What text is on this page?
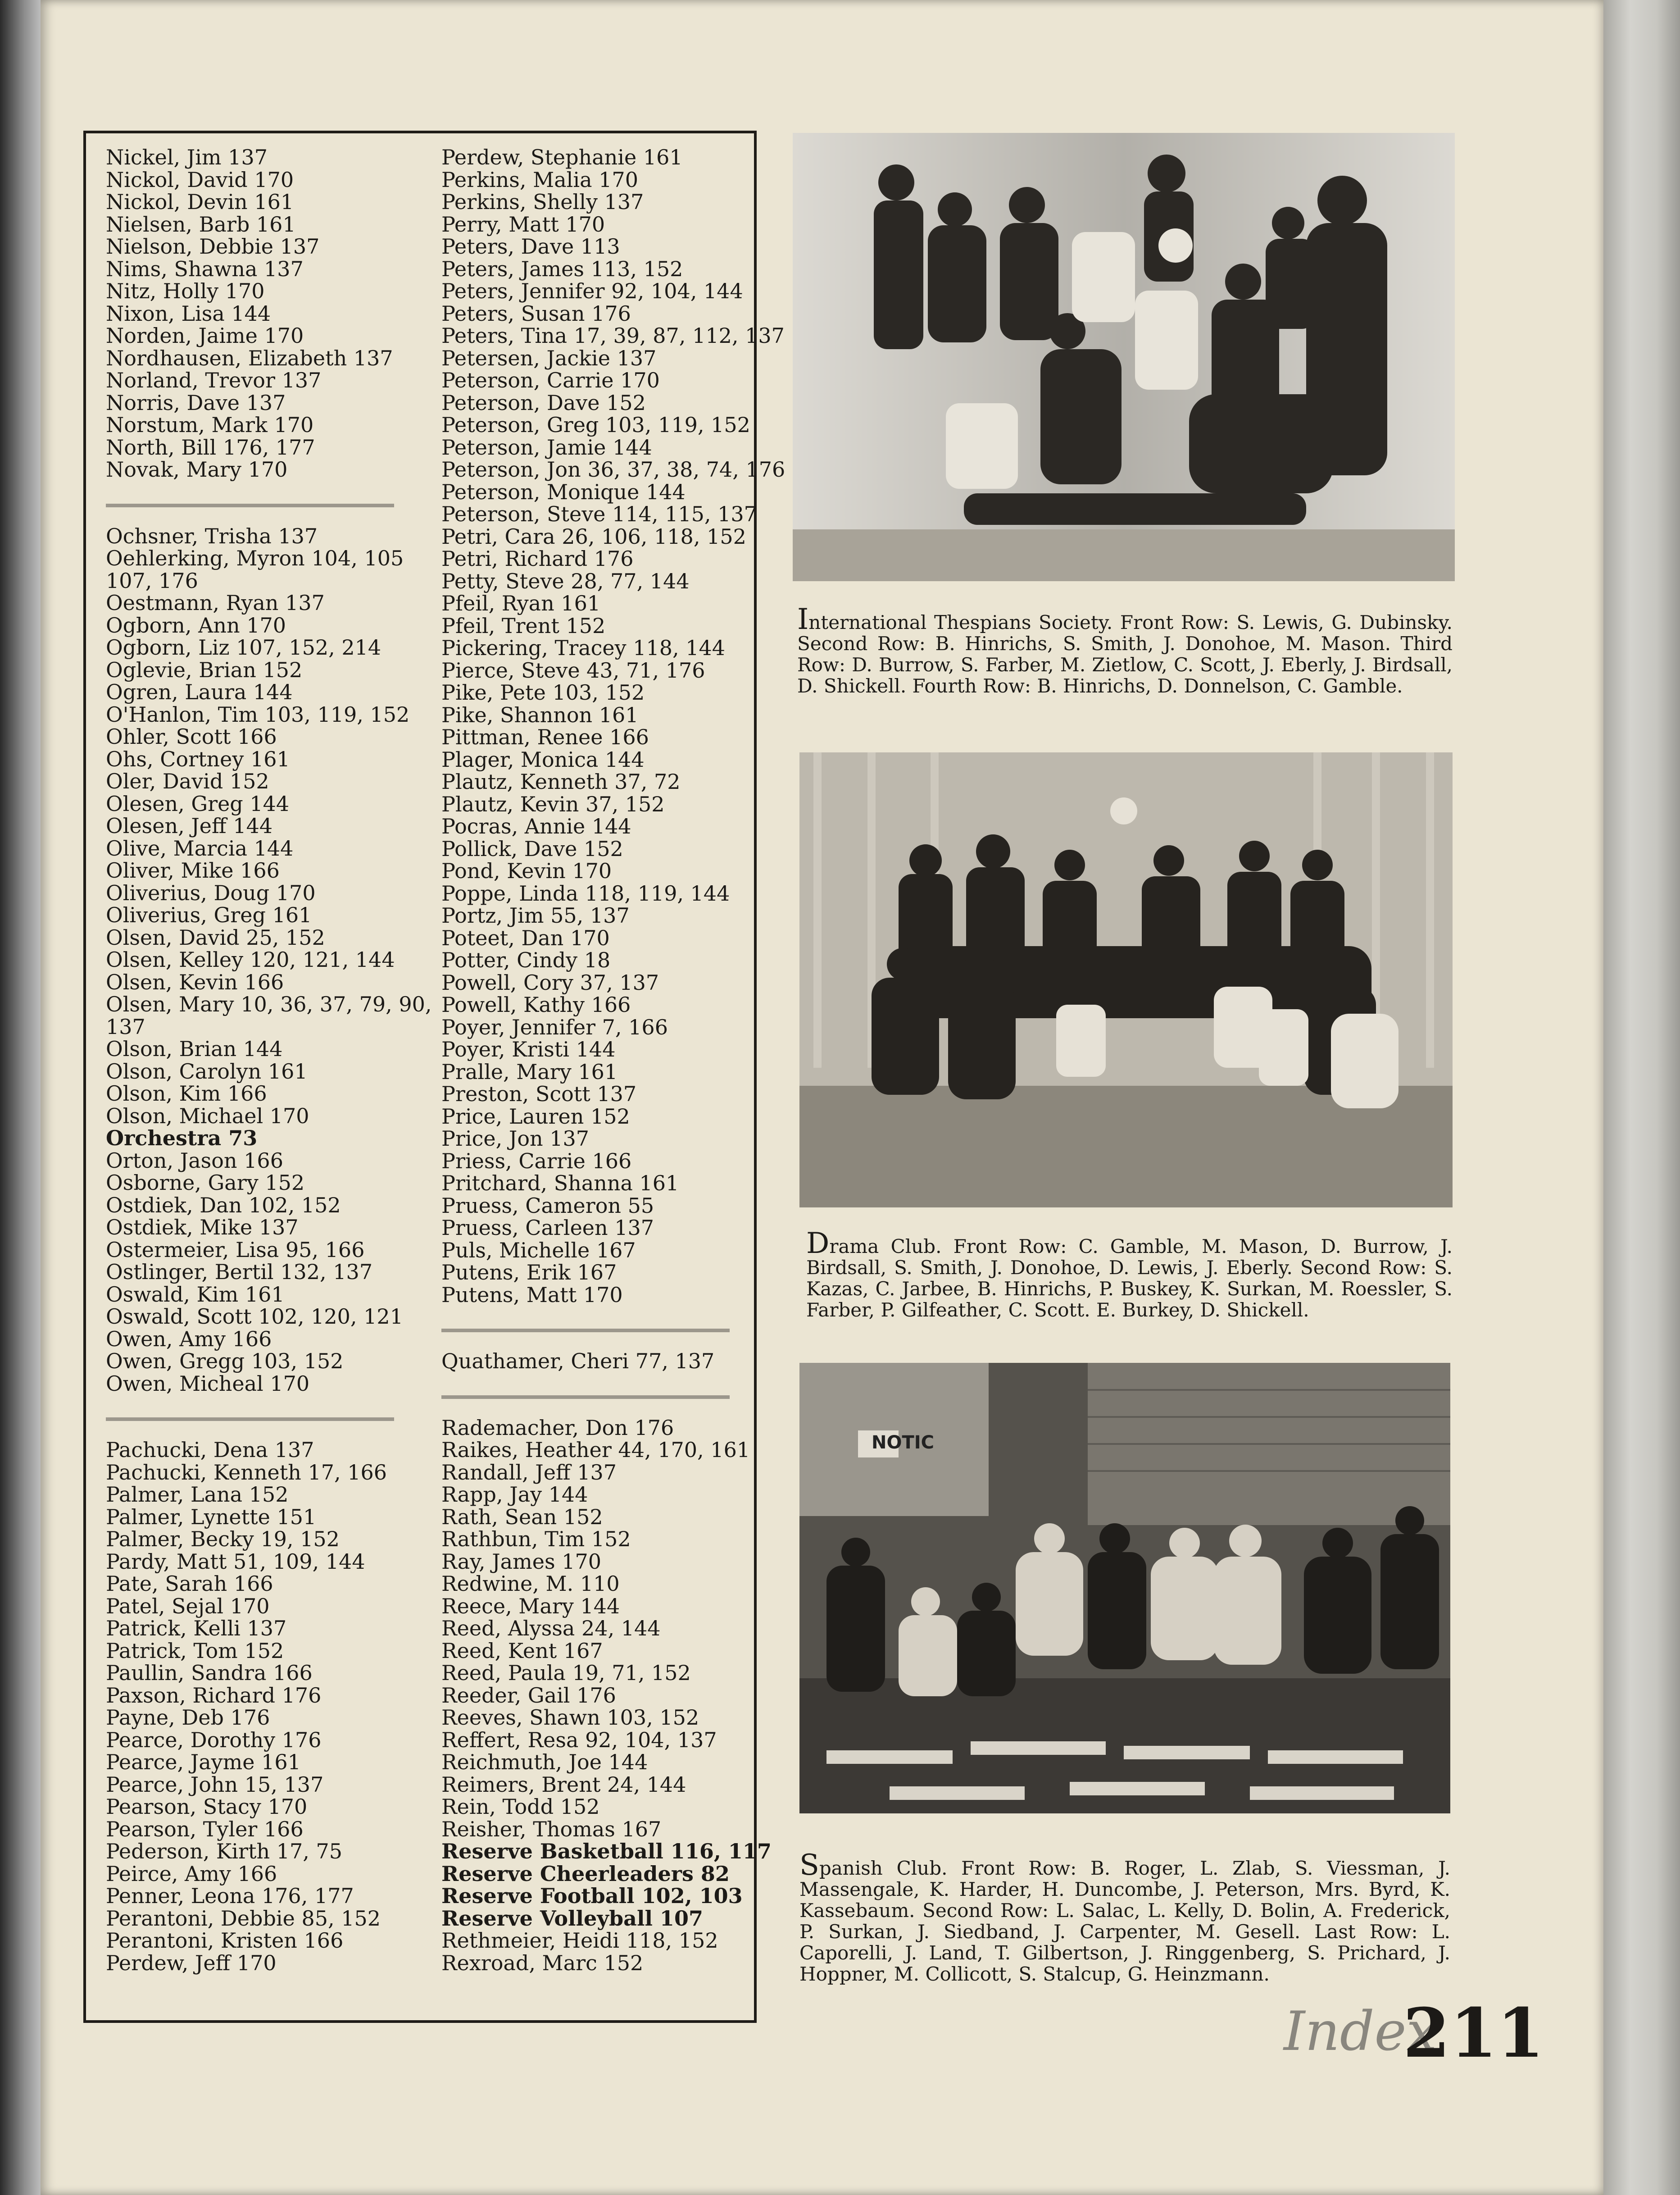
Nickel, Jim 137
Nickol, David 170
Nickol, Devin 161
Nielsen, Barb 161
Nielson, Debbie 137
Nims, Shawna 137
Nitz, Holly 170
Nixon, Lisa 144
Norden, Jaime 170
Nordhausen, Elizabeth 137
Norland, Trevor 137
Norris, Dave 137
Norstum, Mark 170
North, Bill 176, 177
Novak, Mary 170
Ochsner, Trisha 137
Oehlerking, Myron 104, 105
107, 176
Oestmann, Ryan 137
Ogborn, Ann 170
Ogborn, Liz 107, 152, 214
Oglevie, Brian 152
Ogren, Laura 144
O'Hanlon, Tim 103, 119, 152
Ohler, Scott 166
Ohs, Cortney 161
Oler, David 152
Olesen, Greg 144
Olesen, Jeff 144
Olive, Marcia 144
Oliver, Mike 166
Oliverius, Doug 170
Oliverius, Greg 161
Olsen, David 25, 152
Olsen, Kelley 120, 121, 144
Olsen, Kevin 166
Olsen, Mary 10, 36, 37, 79, 90,
137
Olson, Brian 144
Olson, Carolyn 161
Olson, Kim 166
Olson, Michael 170
Orchestra 73
Orton, Jason 166
Osborne, Gary 152
Ostdiek, Dan 102, 152
Ostdiek, Mike 137
Ostermeier, Lisa 95, 166
Ostlinger, Bertil 132, 137
Oswald, Kim 161
Oswald, Scott 102, 120, 121
Owen, Amy 166
Owen, Gregg 103, 152
Owen, Micheal 170
Pachucki, Dena 137
Pachucki, Kenneth 17, 166
Palmer, Lana 152
Palmer, Lynette 151
Palmer, Becky 19, 152
Pardy, Matt 51, 109, 144
Pate, Sarah 166
Patel, Sejal 170
Patrick, Kelli 137
Patrick, Tom 152
Paullin, Sandra 166
Paxson, Richard 176
Payne, Deb 176
Pearce, Dorothy 176
Pearce, Jayme 161
Pearce, John 15, 137
Pearson, Stacy 170
Pearson, Tyler 166
Pederson, Kirth 17, 75
Peirce, Amy 166
Penner, Leona 176, 177
Perantoni, Debbie 85, 152
Perantoni, Kristen 166
Perdew, Jeff 170
Perdew, Stephanie 161
Perkins, Malia 170
Perkins, Shelly 137
Perry, Matt 170
Peters, Dave 113
Peters, James 113, 152
Peters, Jennifer 92, 104, 144
Peters, Susan 176
Peters, Tina 17, 39, 87, 112, 137
Petersen, Jackie 137
Peterson, Carrie 170
Peterson, Dave 152
Peterson, Greg 103, 119, 152
Peterson, Jamie 144
Peterson, Jon 36, 37, 38, 74, 176
Peterson, Monique 144
Peterson, Steve 114, 115, 137
Petri, Cara 26, 106, 118, 152
Petri, Richard 176
Petty, Steve 28, 77, 144
Pfeil, Ryan 161
Pfeil, Trent 152
Pickering, Tracey 118, 144
Pierce, Steve 43, 71, 176
Pike, Pete 103, 152
Pike, Shannon 161
Pittman, Renee 166
Plager, Monica 144
Plautz, Kenneth 37, 72
Plautz, Kevin 37, 152
Pocras, Annie 144
Pollick, Dave 152
Pond, Kevin 170
Poppe, Linda 118, 119, 144
Portz, Jim 55, 137
Poteet, Dan 170
Potter, Cindy 18
Powell, Cory 37, 137
Powell, Kathy 166
Poyer, Jennifer 7, 166
Poyer, Kristi 144
Pralle, Mary 161
Preston, Scott 137
Price, Lauren 152
Price, Jon 137
Priess, Carrie 166
Pritchard, Shanna 161
Pruess, Cameron 55
Pruess, Carleen 137
Puls, Michelle 167
Putens, Erik 167
Putens, Matt 170
Quathamer, Cheri 77, 137
Rademacher, Don 176
Raikes, Heather 44, 170, 161
Randall, Jeff 137
Rapp, Jay 144
Rath, Sean 152
Rathbun, Tim 152
Ray, James 170
Redwine, M. 110
Reece, Mary 144
Reed, Alyssa 24, 144
Reed, Kent 167
Reed, Paula 19, 71, 152
Reeder, Gail 176
Reeves, Shawn 103, 152
Reffert, Resa 92, 104, 137
Reichmuth, Joe 144
Reimers, Brent 24, 144
Rein, Todd 152
Reisher, Thomas 167
Reserve Basketball 116, 117
Reserve Cheerleaders 82
Reserve Football 102, 103
Reserve Volleyball 107
Rethmeier, Heidi 118, 152
Rexroad, Marc 152
International Thespians Society. Front Row: S. Lewis, G. Dubinsky. Second Row: B. Hinrichs, S. Smith, J. Donohoe, M. Mason. Third Row: D. Burrow, S. Farber, M. Zietlow, C. Scott, J. Eberly, J. Birdsall, D. Shickell. Fourth Row: B. Hinrichs, D. Donnelson, C. Gamble.
Drama Club. Front Row: C. Gamble, M. Mason, D. Burrow, J. Birdsall, S. Smith, J. Donohoe, D. Lewis, J. Eberly. Second Row: S. Kazas, C. Jarbee, B. Hinrichs, P. Buskey, K. Surkan, M. Roessler, S. Farber, P. Gilfeather, C. Scott. E. Burkey, D. Shickell.
NOTIC
Spanish Club. Front Row: B. Roger, L. Zlab, S. Viessman, J. Massengale, K. Harder, H. Duncombe, J. Peterson, Mrs. Byrd, K. Kassebaum. Second Row: L. Salac, L. Kelly, D. Bolin, A. Frederick, P. Surkan, J. Siedband, J. Carpenter, M. Gesell. Last Row: L. Caporelli, J. Land, T. Gilbertson, J. Ringgenberg, S. Prichard, J. Hoppner, M. Collicott, S. Stalcup, G. Heinzmann.
Index
211
